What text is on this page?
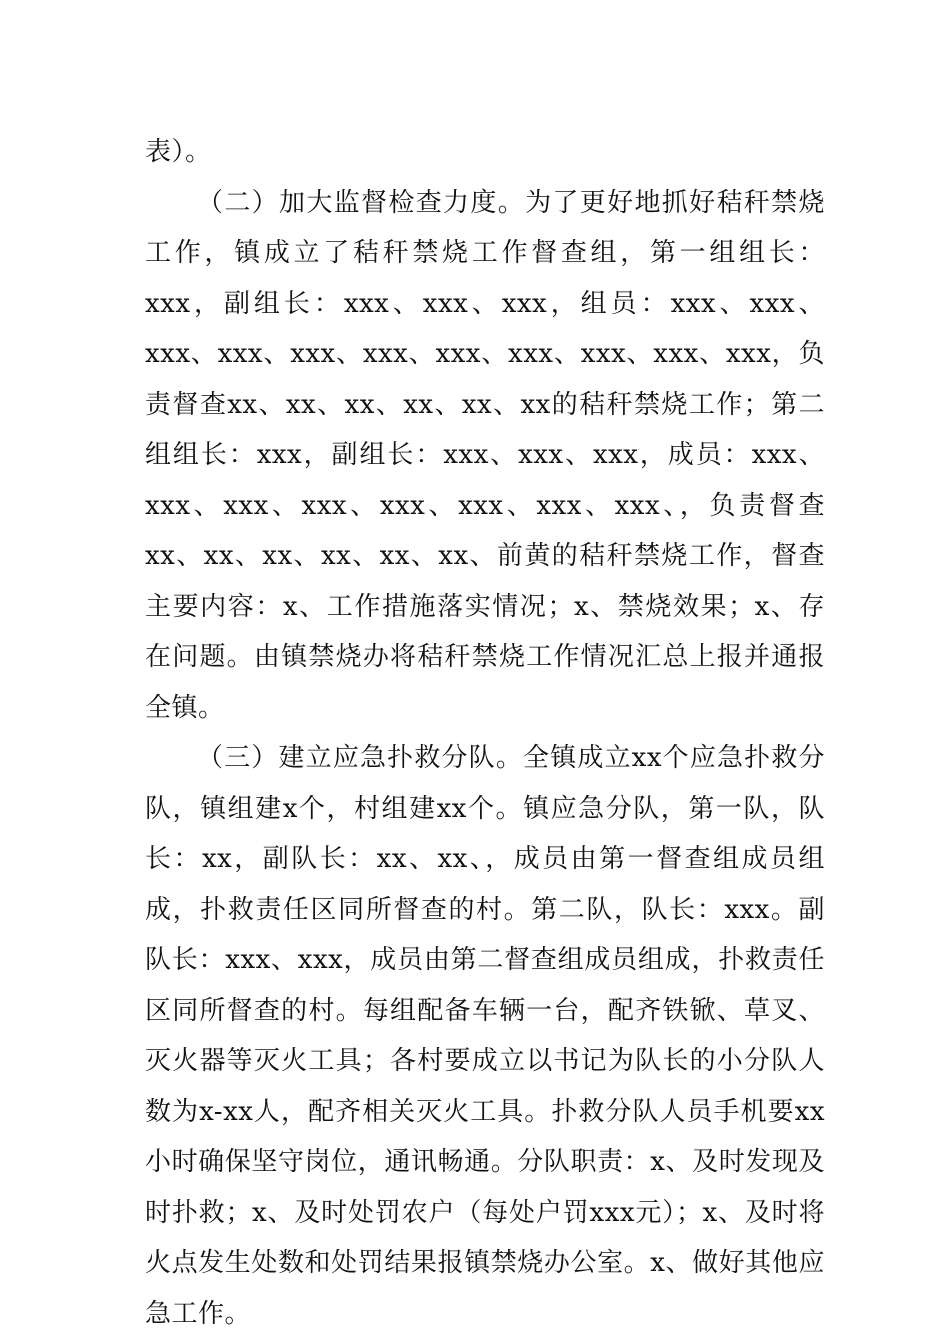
表）。

（二）加大监督检查力度。为了更好地抓好秸秆禁烧工作，镇成立了秸秆禁烧工作督查组，第一组组长：xxx，副组长：xxx、xxx、xxx，组员：xxx、xxx、xxx、xxx、xxx、xxx、xxx、xxx、xxx、xxx、xxx，负责督查xx、xx、xx、xx、xx、xx的秸秆禁烧工作；第二组组长：xxx，副组长：xxx、xxx、xxx，成员：xxx、xxx、xxx、xxx、xxx、xxx、xxx、xxx、，负责督查xx、xx、xx、xx、xx、xx、前黄的秸秆禁烧工作，督查主要内容：x、工作措施落实情况；x、禁烧效果；x、存在问题。由镇禁烧办将秸秆禁烧工作情况汇总上报并通报全镇。

（三）建立应急扑救分队。全镇成立xx个应急扑救分队，镇组建x个，村组建xx个。镇应急分队，第一队，队长：xx，副队长：xx、xx、，成员由第一督查组成员组成，扑救责任区同所督查的村。第二队，队长：xxx。副队长：xxx、xxx，成员由第二督查组成员组成，扑救责任区同所督查的村。每组配备车辆一台，配齐铁锨、草叉、灭火器等灭火工具；各村要成立以书记为队长的小分队人数为x-xx人，配齐相关灭火工具。扑救分队人员手机要xx小时确保坚守岗位，通讯畅通。分队职责：x、及时发现及时扑救；x、及时处罚农户（每处户罚xxx元）；x、及时将火点发生处数和处罚结果报镇禁烧办公室。x、做好其他应急工作。
